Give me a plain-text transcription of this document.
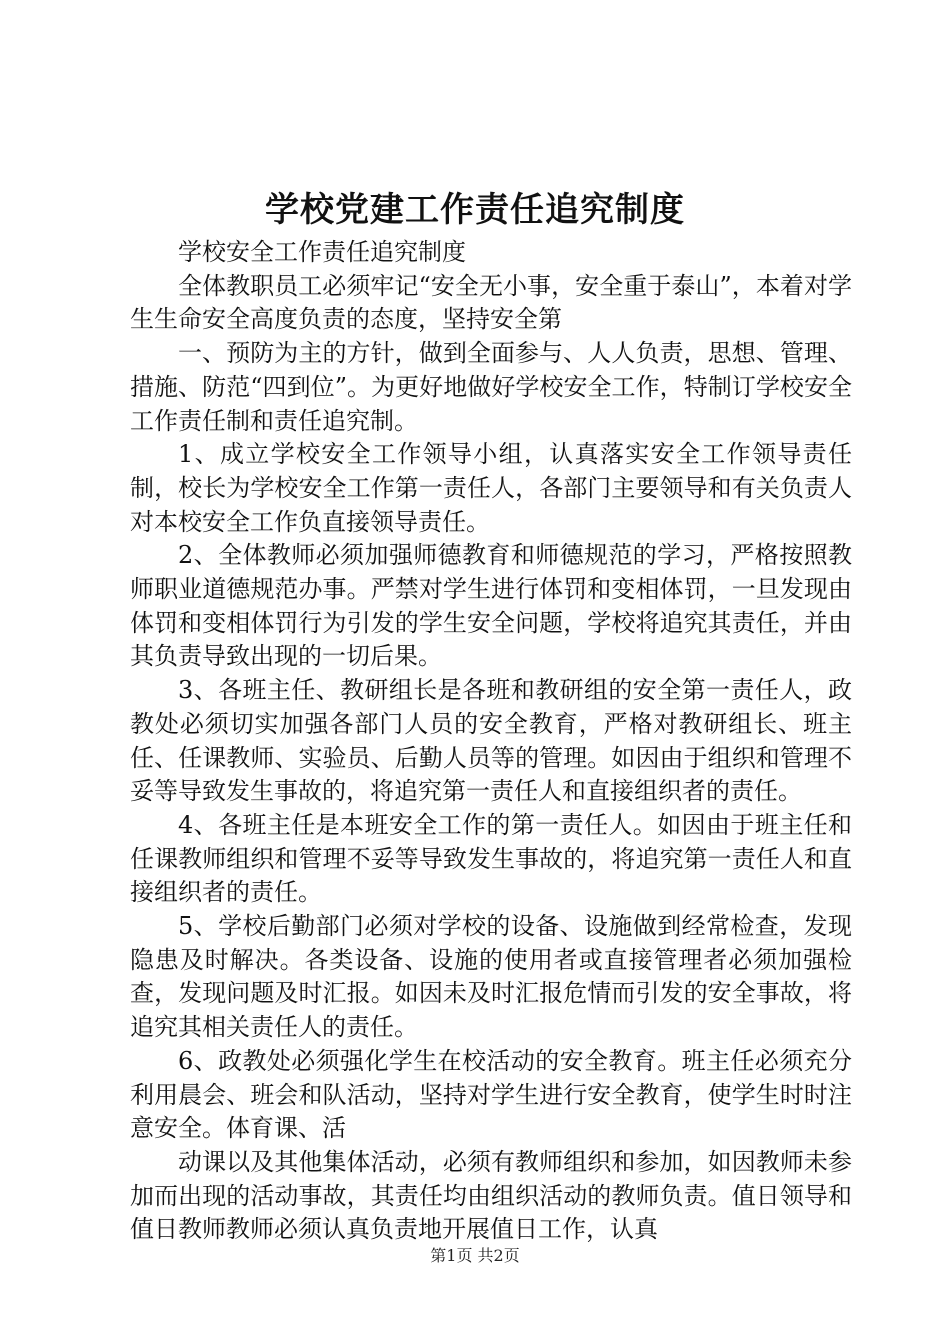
学校党建工作责任追究制度

学校安全工作责任追究制度

全体教职员工必须牢记“安全无小事，安全重于泰山”，本着对学生生命安全高度负责的态度，坚持安全第

一、预防为主的方针，做到全面参与、人人负责，思想、管理、措施、防范“四到位”。为更好地做好学校安全工作，特制订学校安全工作责任制和责任追究制。

1、成立学校安全工作领导小组，认真落实安全工作领导责任制，校长为学校安全工作第一责任人，各部门主要领导和有关负责人对本校安全工作负直接领导责任。

2、全体教师必须加强师德教育和师德规范的学习，严格按照教师职业道德规范办事。严禁对学生进行体罚和变相体罚，一旦发现由体罚和变相体罚行为引发的学生安全问题，学校将追究其责任，并由其负责导致出现的一切后果。

3、各班主任、教研组长是各班和教研组的安全第一责任人，政教处必须切实加强各部门人员的安全教育，严格对教研组长、班主任、任课教师、实验员、后勤人员等的管理。如因由于组织和管理不妥等导致发生事故的，将追究第一责任人和直接组织者的责任。

4、各班主任是本班安全工作的第一责任人。如因由于班主任和任课教师组织和管理不妥等导致发生事故的，将追究第一责任人和直接组织者的责任。

5、学校后勤部门必须对学校的设备、设施做到经常检查，发现隐患及时解决。各类设备、设施的使用者或直接管理者必须加强检查，发现问题及时汇报。如因未及时汇报危情而引发的安全事故，将追究其相关责任人的责任。

6、政教处必须强化学生在校活动的安全教育。班主任必须充分利用晨会、班会和队活动，坚持对学生进行安全教育，使学生时时注意安全。体育课、活

动课以及其他集体活动，必须有教师组织和参加，如因教师未参加而出现的活动事故，其责任均由组织活动的教师负责。值日领导和值日教师教师必须认真负责地开展值日工作，认真

第1页 共2页
